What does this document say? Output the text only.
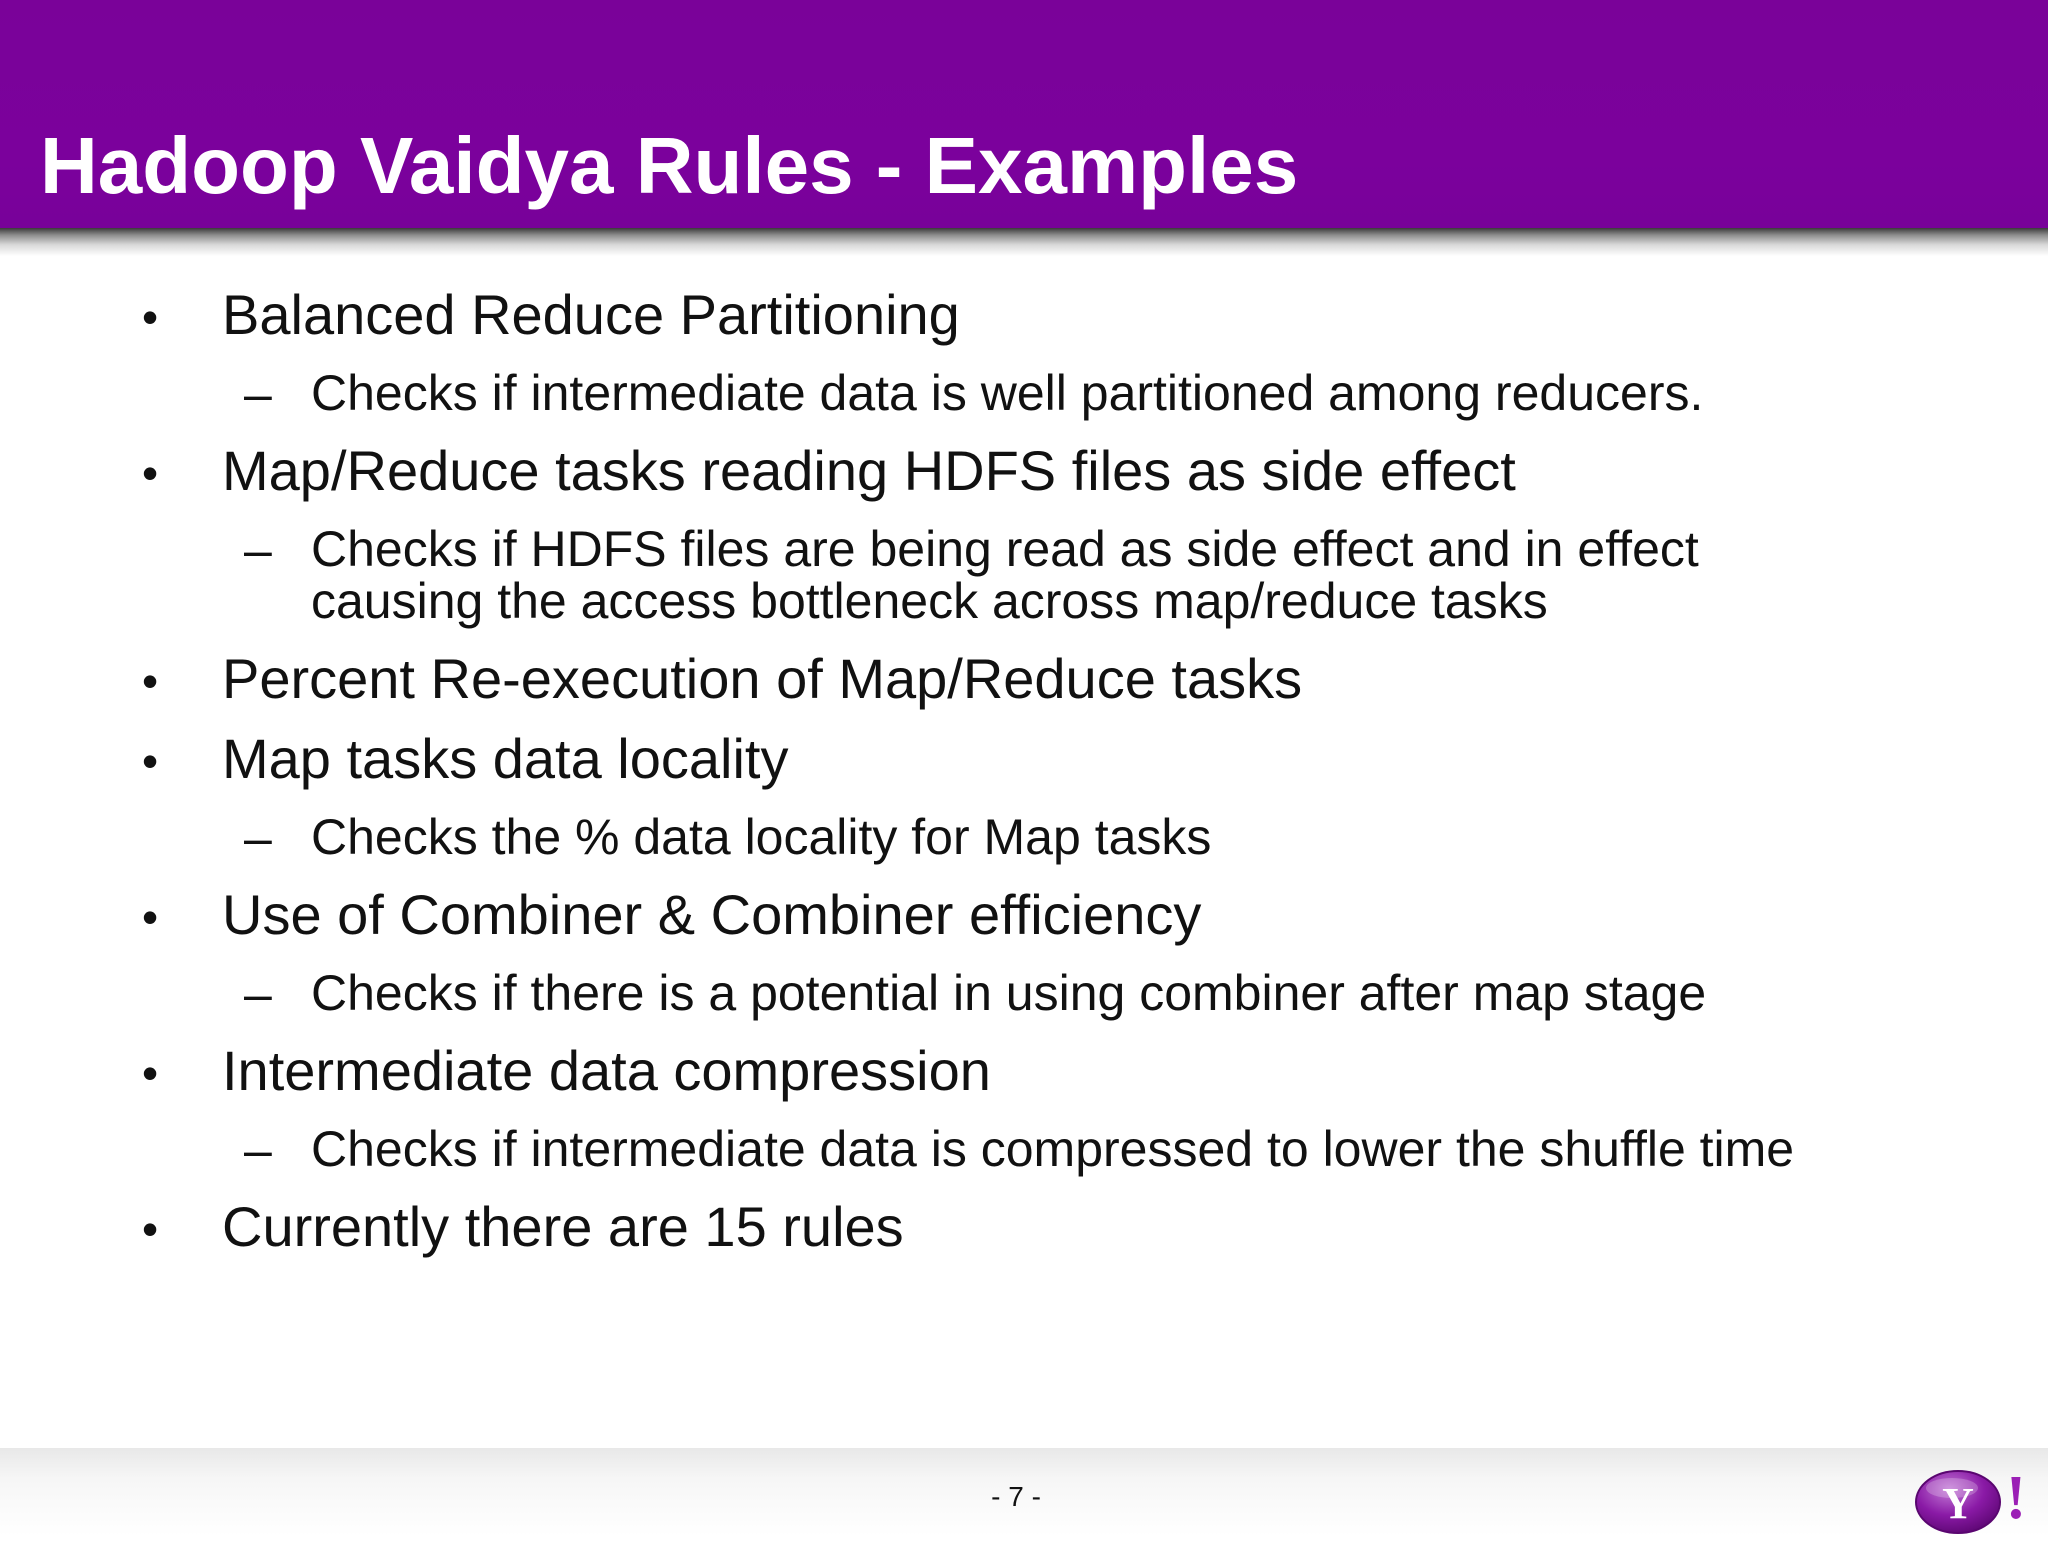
Hadoop Vaidya Rules - Examples
• Balanced Reduce Partitioning
– Checks if intermediate data is well partitioned among reducers.
• Map/Reduce tasks reading HDFS files as side effect
– Checks if HDFS files are being read as side effect and in effect
causing the access bottleneck across map/reduce tasks
• Percent Re-execution of Map/Reduce tasks
• Map tasks data locality
– Checks the % data locality for Map tasks
• Use of Combiner & Combiner efficiency
– Checks if there is a potential in using combiner after map stage
• Intermediate data compression
– Checks if intermediate data is compressed to lower the shuffle time
• Currently there are 15 rules
- 7 -	Y !
